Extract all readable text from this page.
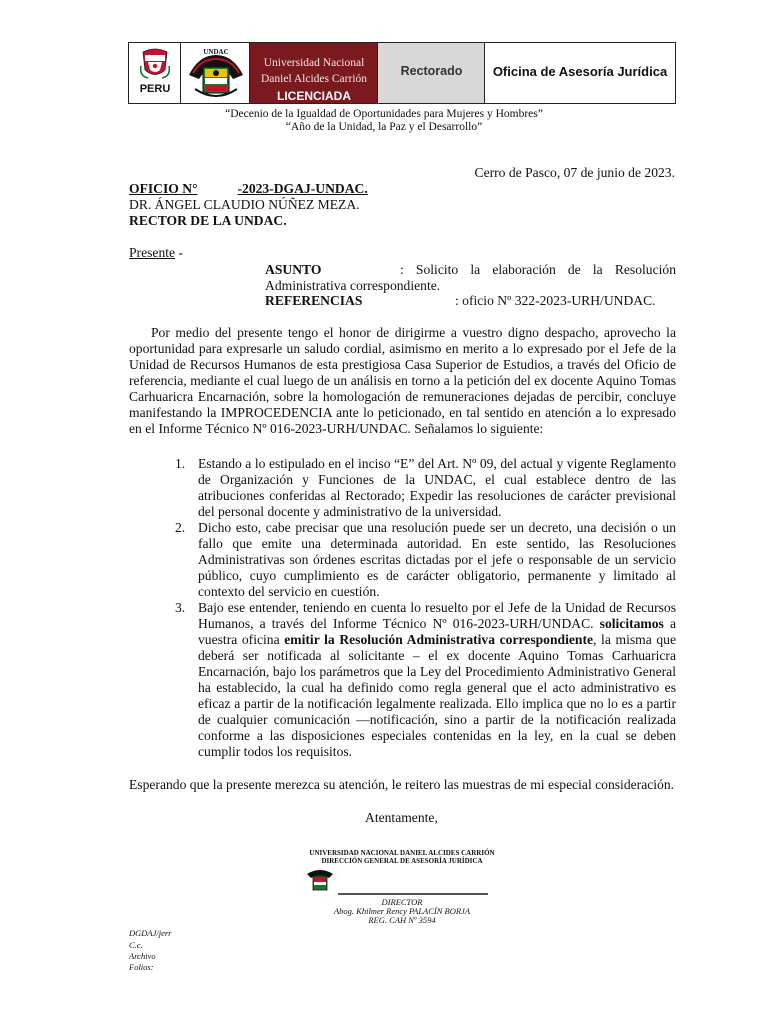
PERU
UNDAC
Universidad Nacional
Daniel Alcides Carrión
LICENCIADA
Rectorado	Oficina de Asesoría Jurídica
“Decenio de la Igualdad de Oportunidades para Mujeres y Hombres”
“Año de la Unidad, la Paz y el Desarrollo”
Cerro de Pasco, 07 de junio de 2023.
OFICIO N°	-2023-DGAJ-UNDAC.
DR. ÁNGEL CLAUDIO NÚÑEZ MEZA.
RECTOR DE LA UNDAC.
Presente -
ASUNTO	: Solicito la elaboración de la Resolución
Administrativa correspondiente.
REFERENCIAS	: oficio Nº 322-2023-URH/UNDAC.
Por medio del presente tengo el honor de dirigirme a vuestro digno despacho, aprovecho la oportunidad para expresarle un saludo cordial, asimismo en merito a lo expresado por el Jefe de la Unidad de Recursos Humanos de esta prestigiosa Casa Superior de Estudios, a través del Oficio de referencia, mediante el cual luego de un análisis en torno a la petición del ex docente Aquino Tomas Carhuaricra Encarnación, sobre la homologación de remuneraciones dejadas de percibir, concluye manifestando la IMPROCEDENCIA ante lo peticionado, en tal sentido en atención a lo expresado en el Informe Técnico Nº 016-2023-URH/UNDAC. Señalamos lo siguiente:
1. Estando a lo estipulado en el inciso “E” del Art. Nº 09, del actual y vigente Reglamento de Organización y Funciones de la UNDAC, el cual establece dentro de las atribuciones conferidas al Rectorado; Expedir las resoluciones de carácter previsional del personal docente y administrativo de la universidad.
2. Dicho esto, cabe precisar que una resolución puede ser un decreto, una decisión o un fallo que emite una determinada autoridad. En este sentido, las Resoluciones Administrativas son órdenes escritas dictadas por el jefe o responsable de un servicio público, cuyo cumplimiento es de carácter obligatorio, permanente y limitado al contexto del servicio en cuestión.
3. Bajo ese entender, teniendo en cuenta lo resuelto por el Jefe de la Unidad de Recursos Humanos, a través del Informe Técnico Nº 016-2023-URH/UNDAC. solicitamos a vuestra oficina emitir la Resolución Administrativa correspondiente, la misma que deberá ser notificada al solicitante – el ex docente Aquino Tomas Carhuaricra Encarnación, bajo los parámetros que la Ley del Procedimiento Administrativo General ha establecido, la cual ha definido como regla general que el acto administrativo es eficaz a partir de la notificación legalmente realizada. Ello implica que no lo es a partir de cualquier comunicación —notificación, sino a partir de la notificación realizada conforme a las disposiciones especiales contenidas en la ley, en la cual se deben cumplir todos los requisitos.
Esperando que la presente merezca su atención, le reitero las muestras de mi especial consideración.
Atentamente,
UNIVERSIDAD NACIONAL DANIEL ALCIDES CARRIÓN
DIRECCIÓN GENERAL DE ASESORÍA JURÍDICA
DIRECTOR
Abog. Khilmer Rency PALACÍN BORJA
REG. CAH Nº 3594
DGDAJ/jerr
C.c.
Archivo
Folios:
